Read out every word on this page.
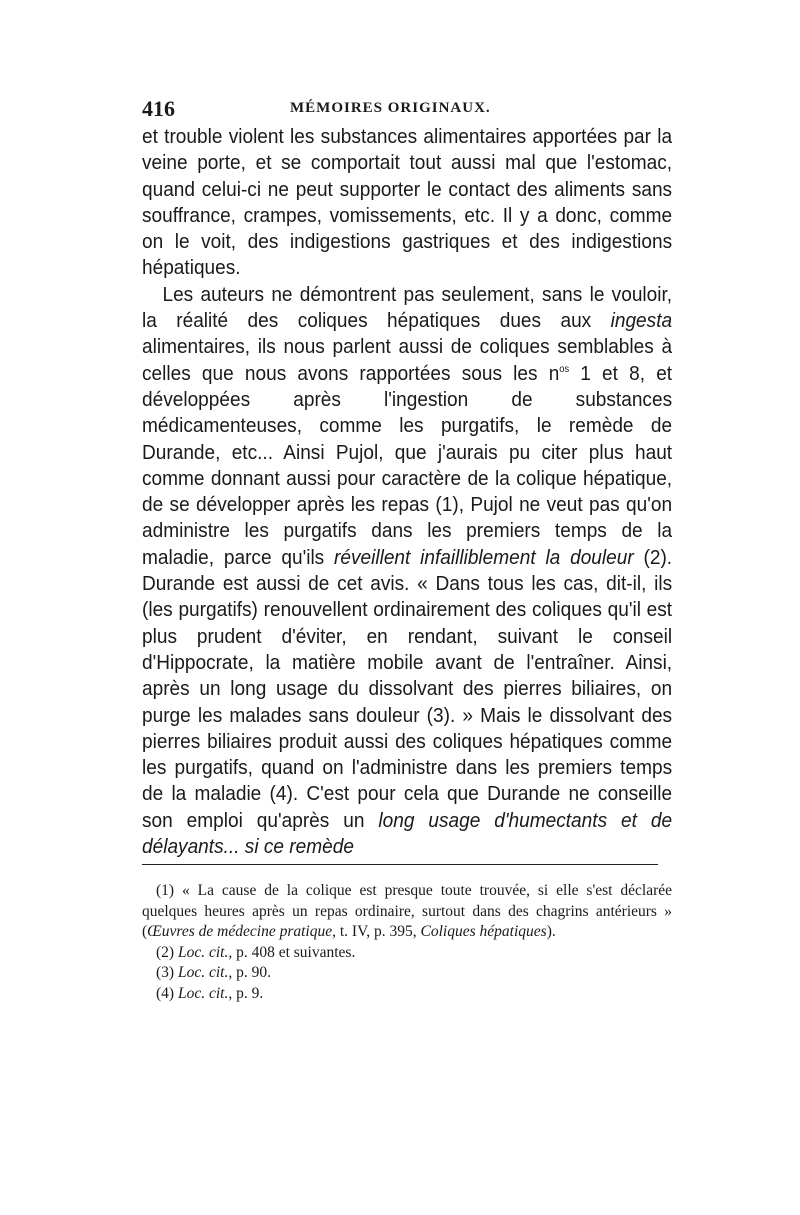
416	MÉMOIRES ORIGINAUX.

et trouble violent les substances alimentaires apportées par la veine porte, et se comportait tout aussi mal que l'estomac, quand celui-ci ne peut supporter le contact des aliments sans souffrance, crampes, vomissements, etc. Il y a donc, comme on le voit, des indigestions gastriques et des indigestions hépatiques.

Les auteurs ne démontrent pas seulement, sans le vouloir, la réalité des coliques hépatiques dues aux ingesta alimentaires, ils nous parlent aussi de coliques semblables à celles que nous avons rapportées sous les $n^{os}$ 1 et 8, et développées après l'ingestion de substances médicamenteuses, comme les purgatifs, le remède de Durande, etc... Ainsi Pujol, que j'aurais pu citer plus haut comme donnant aussi pour caractère de la colique hépatique, de se développer après les repas (1), Pujol ne veut pas qu'on administre les purgatifs dans les premiers temps de la maladie, parce qu'ils réveillent infailliblement la douleur (2). Durande est aussi de cet avis. « Dans tous les cas, dit-il, ils (les purgatifs) renouvellent ordinairement des coliques qu'il est plus prudent d'éviter, en rendant, suivant le conseil d'Hippocrate, la matière mobile avant de l'entraîner. Ainsi, après un long usage du dissolvant des pierres biliaires, on purge les malades sans douleur (3). » Mais le dissolvant des pierres biliaires produit aussi des coliques hépatiques comme les purgatifs, quand on l'administre dans les premiers temps de la maladie (4). C'est pour cela que Durande ne conseille son emploi qu'après un long usage d'humectants et de délayants... si ce remède

(1) « La cause de la colique est presque toute trouvée, si elle s'est déclarée quelques heures après un repas ordinaire, surtout dans des chagrins antérieurs » (Œuvres de médecine pratique, t. IV, p. 395, Coliques hépatiques).

(2) Loc. cit., p. 408 et suivantes.

(3) Loc. cit., p. 90.

(4) Loc. cit., p. 9.
